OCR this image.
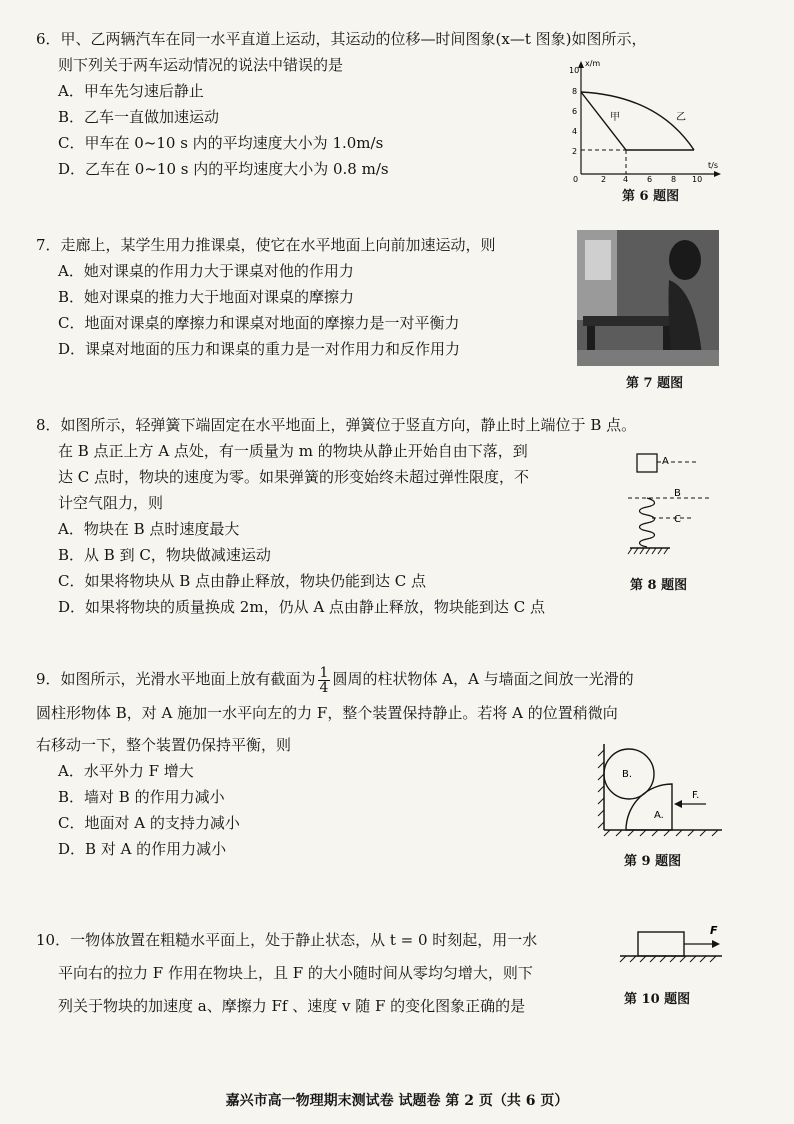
6．甲、乙两辆汽车在同一水平直道上运动，其运动的位移—时间图象(x—t 图象)如图所示，

则下列关于两车运动情况的说法中错误的是

A．甲车先匀速后静止

B．乙车一直做加速运动

C．甲车在 0~10 s 内的平均速度大小为 1.0m/s

D．乙车在 0~10 s 内的平均速度大小为 0.8 m/s

x/m
t/s
10
8
6
4
2
0	2 4 6 8 10
甲	乙
第 6 题图

7．走廊上，某学生用力推课桌，使它在水平地面上向前加速运动，则

A．她对课桌的作用力大于课桌对他的作用力

B．她对课桌的推力大于地面对课桌的摩擦力

C．地面对课桌的摩擦力和课桌对地面的摩擦力是一对平衡力

D．课桌对地面的压力和课桌的重力是一对作用力和反作用力

第 7 题图

8．如图所示，轻弹簧下端固定在水平地面上，弹簧位于竖直方向，静止时上端位于 B 点。

在 B 点正上方 A 点处，有一质量为 m 的物块从静止开始自由下落，到

达 C 点时，物块的速度为零。如果弹簧的形变始终未超过弹性限度，不

计空气阻力，则

A．物块在 B 点时速度最大

B．从 B 到 C，物块做减速运动

C．如果将物块从 B 点由静止释放，物块仍能到达 C 点

D．如果将物块的质量换成 2m，仍从 A 点由静止释放，物块能到达 C 点

A
B
C
第 8 题图

9．如图所示，光滑水平地面上放有截面为 $\frac{1}{4}$ 圆周的柱状物体 A，A 与墙面之间放一光滑的

圆柱形物体 B，对 A 施加一水平向左的力 F，整个装置保持静止。若将 A 的位置稍微向

右移动一下，整个装置仍保持平衡，则

A．水平外力 F 增大

B．墙对 B 的作用力减小

C．地面对 A 的支持力减小

D．B 对 A 的作用力减小

B.
A.
F.
第 9 题图

10．一物体放置在粗糙水平面上，处于静止状态，从 t = 0 时刻起，用一水

平向右的拉力 F 作用在物块上，且 F 的大小随时间从零均匀增大，则下

列关于物块的加速度 a、摩擦力 Ff 、速度 v 随 F 的变化图象正确的是

F
第 10 题图
嘉兴市高一物理期末测试卷 试题卷 第 2 页（共 6 页）
